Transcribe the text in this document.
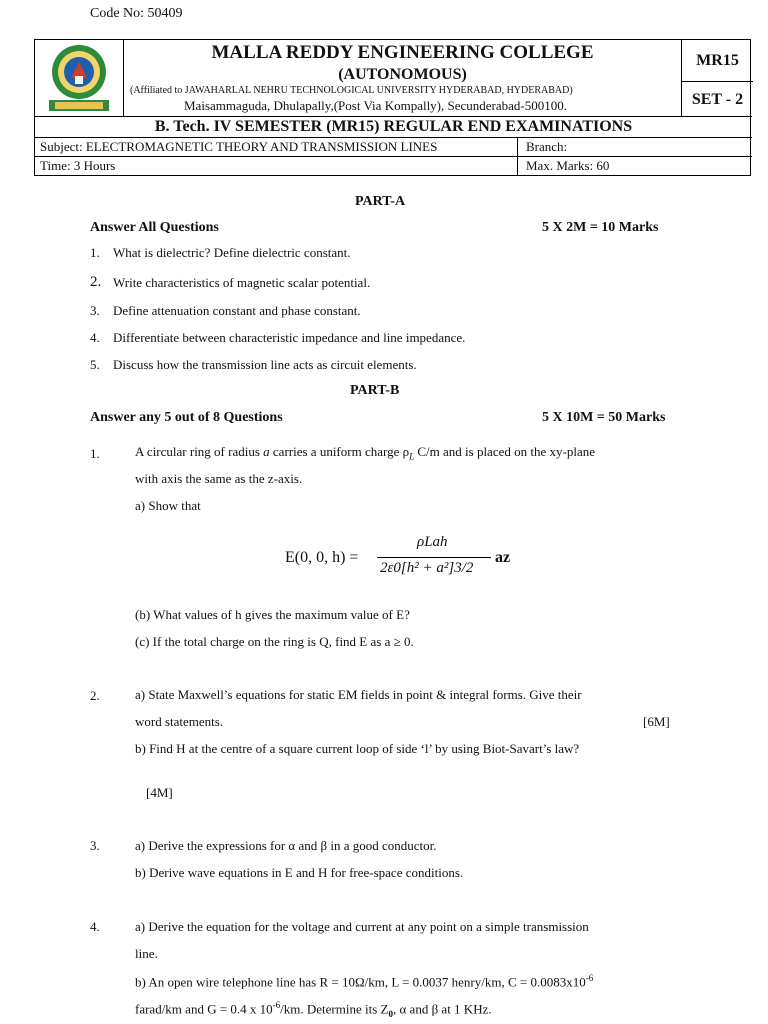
Code No: 50409
MALLA REDDY ENGINEERING COLLEGE
(AUTONOMOUS)
(Affiliated to JAWAHARLAL NEHRU TECHNOLOGICAL UNIVERSITY HYDERABAD, HYDERABAD)
Maisammaguda, Dhulapally,(Post Via Kompally), Secunderabad-500100.
MR15
SET - 2
B. Tech. IV SEMESTER (MR15) REGULAR END EXAMINATIONS
Subject: ELECTROMAGNETIC THEORY AND TRANSMISSION LINES	Branch:
Time: 3 Hours	Max. Marks: 60
PART-A
Answer All Questions	5 X 2M = 10 Marks
1. What is dielectric? Define dielectric constant.
2. Write characteristics of magnetic scalar potential.
3. Define attenuation constant and phase constant.
4. Differentiate between characteristic impedance and line impedance.
5. Discuss how the transmission line acts as circuit elements.
PART-B
Answer any 5 out of 8 Questions	5 X 10M = 50 Marks
1.	A circular ring of radius a carries a uniform charge $\rho_L$ C/m and is placed on the xy-plane
with axis the same as the z-axis.
a) Show that
E(0, 0, h) =
ρLah
2ε0[h² + a²]3/2
az
(b) What values of h gives the maximum value of E?
(c) If the total charge on the ring is Q, find E as a ≥ 0.
2.	a) State Maxwell’s equations for static EM fields in point & integral forms. Give their
word statements.	[6M]
b) Find H at the centre of a square current loop of side ‘l’ by using Biot-Savart’s law?
[4M]
3.	a) Derive the expressions for α and β in a good conductor.
b) Derive wave equations in E and H for free-space conditions.
4.	a) Derive the equation for the voltage and current at any point on a simple transmission
line.
b) An open wire telephone line has R = 10Ω/km, L = 0.0037 henry/km, $C = 0.0083x10^{-6}$
farad/km and G = 0.4 x $10^{-6}/km$. Determine its $Z_0$, α and β at 1 KHz.
